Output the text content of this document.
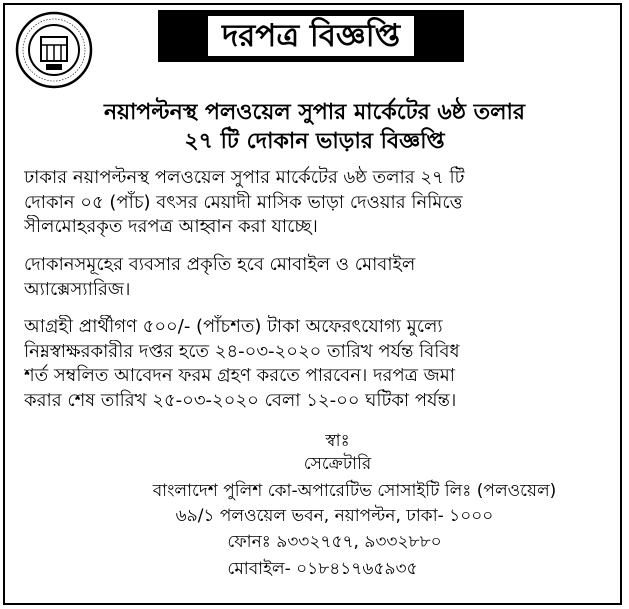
দরপত্র বিজ্ঞপ্তি
নয়াপল্টনস্থ পলওয়েল সুপার মার্কেটের ৬ষ্ঠ তলার
২৭ টি দোকান ভাড়ার বিজ্ঞপ্তি
ঢাকার নয়াপল্টনস্থ পলওয়েল সুপার মার্কেটের ৬ষ্ঠ তলার ২৭ টি
দোকান ০৫ (পাঁচ) বৎসর মেয়াদী মাসিক ভাড়া দেওয়ার নিমিত্তে
সীলমোহরকৃত দরপত্র আহ্বান করা যাচ্ছে।
দোকানসমূহের ব্যবসার প্রকৃতি হবে মোবাইল ও মোবাইল
অ্যাক্সেস্যারিজ।
আগ্রহী প্রার্থীগণ ৫০০/- (পাঁচশত) টাকা অফেরৎযোগ্য মুল্যে
নিম্নস্বাক্ষরকারীর দপ্তর হতে ২৪-০৩-২০২০ তারিখ পর্যন্ত বিবিধ
শর্ত সম্বলিত আবেদন ফরম গ্রহণ করতে পারবেন। দরপত্র জমা
করার শেষ তারিখ ২৫-০৩-২০২০ বেলা ১২-০০ ঘটিকা পর্যন্ত।
স্বাঃ
সেক্রেটারি
বাংলাদেশ পুলিশ কো-অপারেটিভ সোসাইটি লিঃ (পলওয়েল)
৬৯/১ পলওয়েল ভবন, নয়াপল্টন, ঢাকা- ১০০০
ফোনঃ ৯৩৩২৭৫৭, ৯৩৩২৮৮০
মোবাইল- ০১৮৪১৭৬৫৯৩৫
